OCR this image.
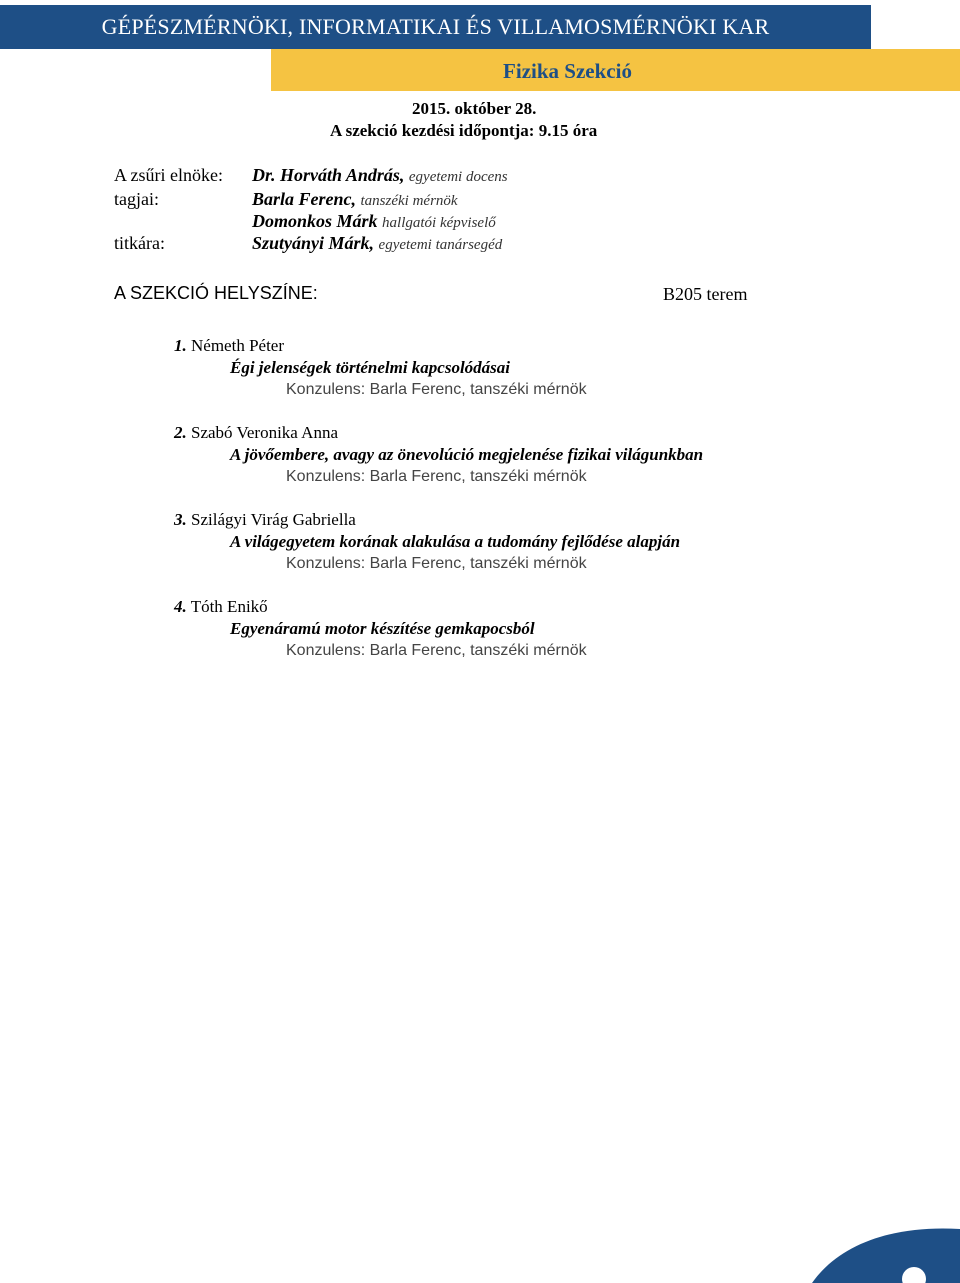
GÉPÉSZMÉRNÖKI, INFORMATIKAI ÉS VILLAMOSMÉRNÖKI KAR
Fizika Szekció
2015. október 28.
A szekció kezdési időpontja: 9.15 óra
A zsűri elnöke: Dr. Horváth András, egyetemi docens
tagjai:	Barla Ferenc, tanszéki mérnök
Domonkos Márk hallgatói képviselő
titkára:	Szutyányi Márk, egyetemi tanársegéd
A SZEKCIÓ HELYSZÍNE:	B205 terem
1. Németh Péter
Égi jelenségek történelmi kapcsolódásai
Konzulens: Barla Ferenc, tanszéki mérnök
2. Szabó Veronika Anna
A jövőembere, avagy az önevolúció megjelenése fizikai világunkban
Konzulens: Barla Ferenc, tanszéki mérnök
3. Szilágyi Virág Gabriella
A világegyetem korának alakulása a tudomány fejlődése alapján
Konzulens: Barla Ferenc, tanszéki mérnök
4. Tóth Enikő
Egyenáramú motor készítése gemkapocsból
Konzulens: Barla Ferenc, tanszéki mérnök
